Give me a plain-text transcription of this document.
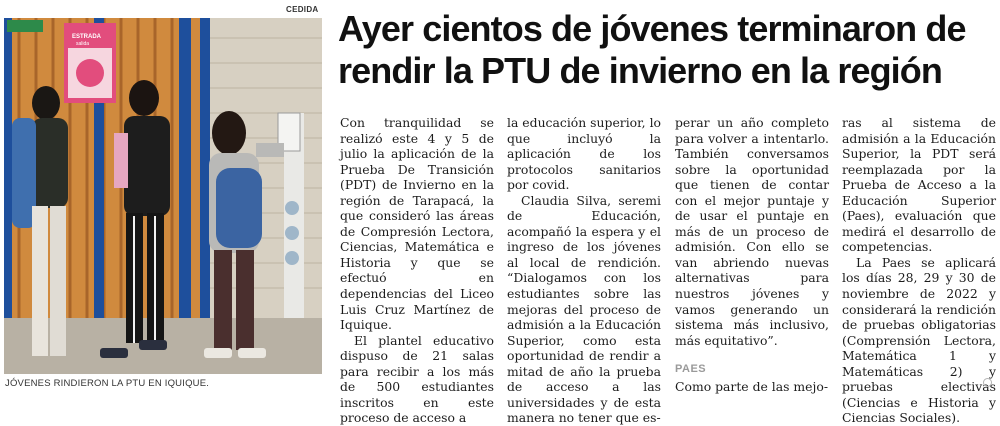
CEDIDA
ESTRADA
salida
JÓVENES RINDIERON LA PTU EN IQUIQUE.
Ayer cientos de jóvenes terminaron de rendir la PTU de invierno en la región

Con tranquilidad se realizó este 4 y 5 de julio la aplicación de la Prueba De Transición (PDT) de Invierno en la región de Tarapacá, la que consideró las áreas de Compresión Lectora, Ciencias, Matemática e Historia y que se efectuó en dependencias del Liceo Luis Cruz Martínez de Iquique.

El plantel educativo dispuso de 21 salas para recibir a los más de 500 estudiantes inscritos en este proceso de acceso a

la educación superior, lo que incluyó la aplicación de los protocolos sanitarios por covid.

Claudia Silva, seremi de Educación, acompañó la espera y el ingreso de los jóvenes al local de rendición. “Dialogamos con los estudiantes sobre las mejoras del proceso de admisión a la Educación Superior, como esta oportunidad de rendir a mitad de año la prueba de acceso a las universidades y de esta manera no tener que es-

perar un año completo para volver a intentarlo. También conversamos sobre la oportunidad que tienen de contar con el mejor puntaje y de usar el puntaje en más de un proceso de admisión. Con ello se van abriendo nuevas alternativas para nuestros jóvenes y vamos generando un sistema más inclusivo, más equitativo”.

PAES

Como parte de las mejo-

ras al sistema de admisión a la Educación Superior, la PDT será reemplazada por la Prueba de Acceso a la Educación Superior (Paes), evaluación que medirá el desarrollo de competencias.

La Paes se aplicará los días 28, 29 y 30 de noviembre de 2022 y considerará la rendición de pruebas obligatorias (Comprensión Lectora, Matemática 1 y Matemáticas 2) y pruebas electivas (Ciencias e Historia y Ciencias Sociales).
